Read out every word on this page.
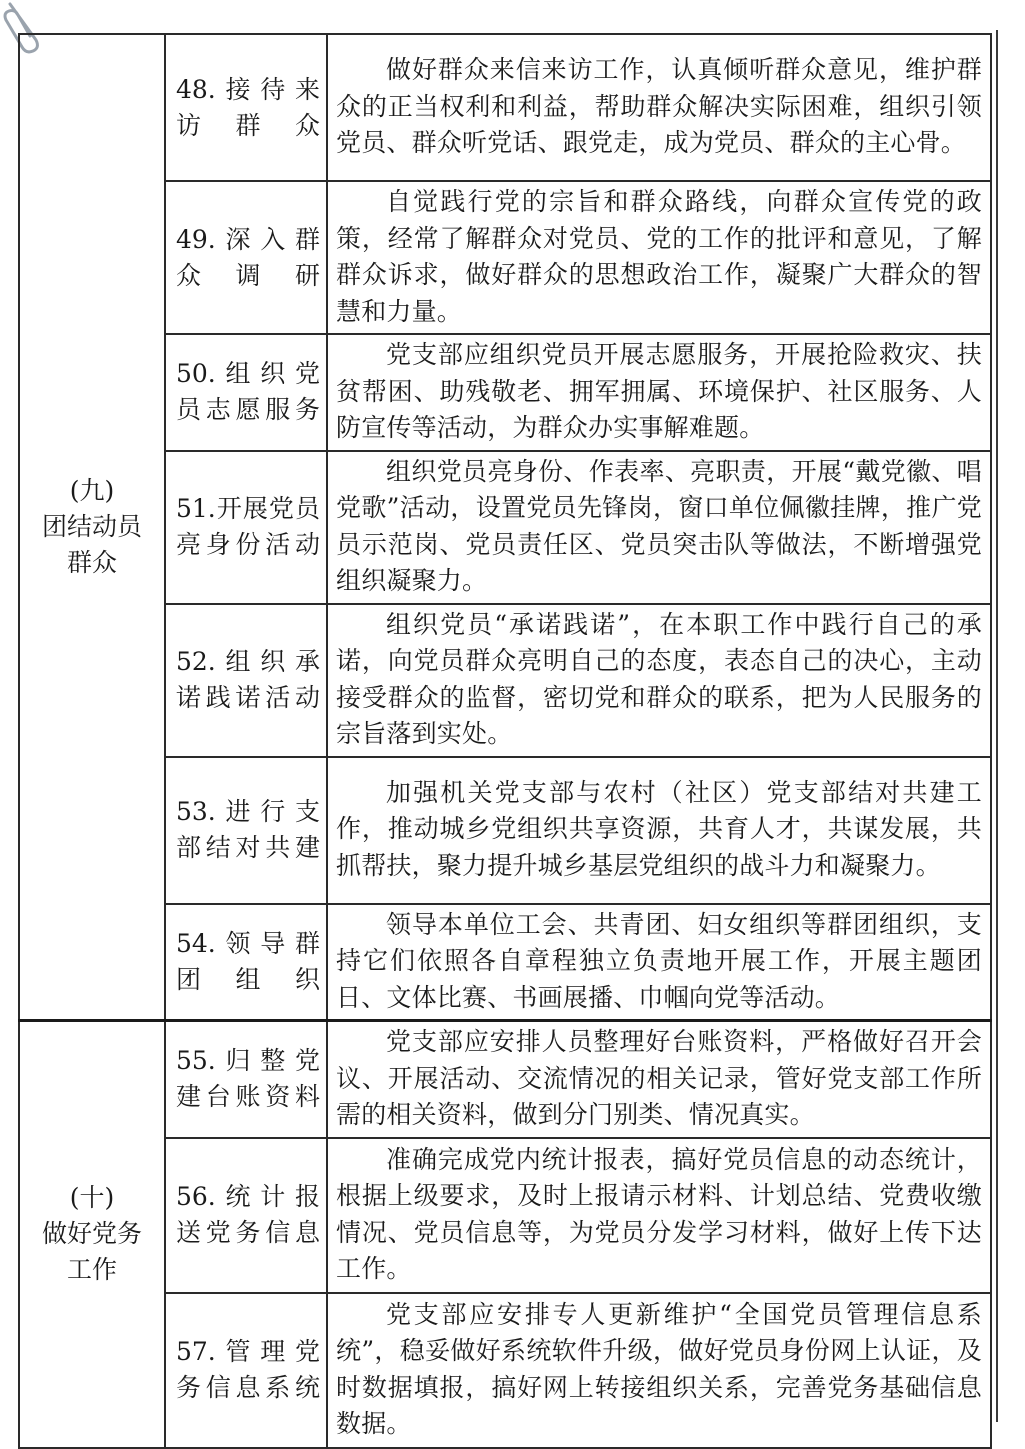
(九)
团结动员
群众	48.接待来
访群众	做好群众来信来访工作，认真倾听群众意见，维护群众的正当权利和利益，帮助群众解决实际困难，组织引领党员、群众听党话、跟党走，成为党员、群众的主心骨。

	49.深入群
众调研	自觉践行党的宗旨和群众路线，向群众宣传党的政策，经常了解群众对党员、党的工作的批评和意见，了解群众诉求，做好群众的思想政治工作，凝聚广大群众的智慧和力量。

	50.组织党
员志愿服务	党支部应组织党员开展志愿服务，开展抢险救灾、扶贫帮困、助残敬老、拥军拥属、环境保护、社区服务、人防宣传等活动，为群众办实事解难题。

	51.开展党员
亮身份活动	组织党员亮身份、作表率、亮职责，开展“戴党徽、唱党歌”活动，设置党员先锋岗，窗口单位佩徽挂牌，推广党员示范岗、党员责任区、党员突击队等做法，不断增强党组织凝聚力。

	52.组织承
诺践诺活动	组织党员“承诺践诺”，在本职工作中践行自己的承诺，向党员群众亮明自己的态度，表态自己的决心，主动接受群众的监督，密切党和群众的联系，把为人民服务的宗旨落到实处。

	53.进行支
部结对共建	加强机关党支部与农村（社区）党支部结对共建工作，推动城乡党组织共享资源，共育人才，共谋发展，共抓帮扶，聚力提升城乡基层党组织的战斗力和凝聚力。

	54.领导群
团组织	领导本单位工会、共青团、妇女组织等群团组织，支持它们依照各自章程独立负责地开展工作，开展主题团日、文体比赛、书画展播、巾帼向党等活动。

(十)
做好党务
工作	55.归整党
建台账资料	党支部应安排人员整理好台账资料，严格做好召开会议、开展活动、交流情况的相关记录，管好党支部工作所需的相关资料，做到分门别类、情况真实。

	56.统计报
送党务信息	准确完成党内统计报表，搞好党员信息的动态统计，根据上级要求，及时上报请示材料、计划总结、党费收缴情况、党员信息等，为党员分发学习材料，做好上传下达工作。

	57.管理党
务信息系统	党支部应安排专人更新维护“全国党员管理信息系统”，稳妥做好系统软件升级，做好党员身份网上认证，及时数据填报，搞好网上转接组织关系，完善党务基础信息数据。
